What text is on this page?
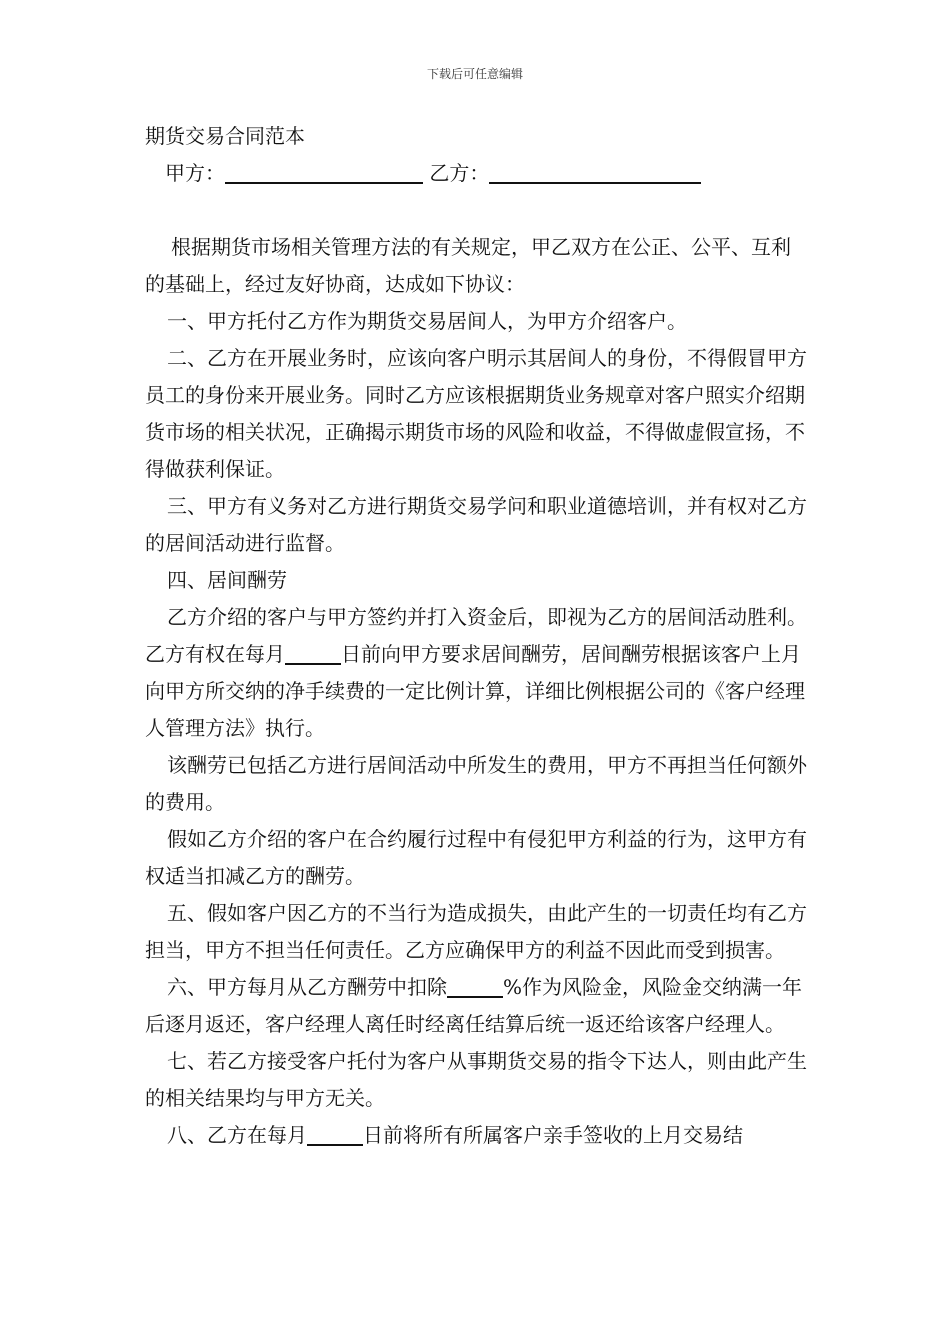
下载后可任意编辑
期货交易合同范本

甲方：	乙方：

根据期货市场相关管理方法的有关规定，甲乙双方在公正、公平、互利的基础上，经过友好协商，达成如下协议：

一、甲方托付乙方作为期货交易居间人，为甲方介绍客户。

二、乙方在开展业务时，应该向客户明示其居间人的身份，不得假冒甲方员工的身份来开展业务。同时乙方应该根据期货业务规章对客户照实介绍期货市场的相关状况，正确揭示期货市场的风险和收益，不得做虚假宣扬，不得做获利保证。

三、甲方有义务对乙方进行期货交易学问和职业道德培训，并有权对乙方的居间活动进行监督。

四、居间酬劳

乙方介绍的客户与甲方签约并打入资金后，即视为乙方的居间活动胜利。乙方有权在每月	日前向甲方要求居间酬劳，居间酬劳根据该客户上月向甲方所交纳的净手续费的一定比例计算，详细比例根据公司的《客户经理人管理方法》执行。

该酬劳已包括乙方进行居间活动中所发生的费用，甲方不再担当任何额外的费用。

假如乙方介绍的客户在合约履行过程中有侵犯甲方利益的行为，这甲方有权适当扣减乙方的酬劳。

五、假如客户因乙方的不当行为造成损失，由此产生的一切责任均有乙方担当，甲方不担当任何责任。乙方应确保甲方的利益不因此而受到损害。

六、甲方每月从乙方酬劳中扣除	%作为风险金，风险金交纳满一年后逐月返还，客户经理人离任时经离任结算后统一返还给该客户经理人。

七、若乙方接受客户托付为客户从事期货交易的指令下达人，则由此产生的相关结果均与甲方无关。

八、乙方在每月	日前将所有所属客户亲手签收的上月交易结
